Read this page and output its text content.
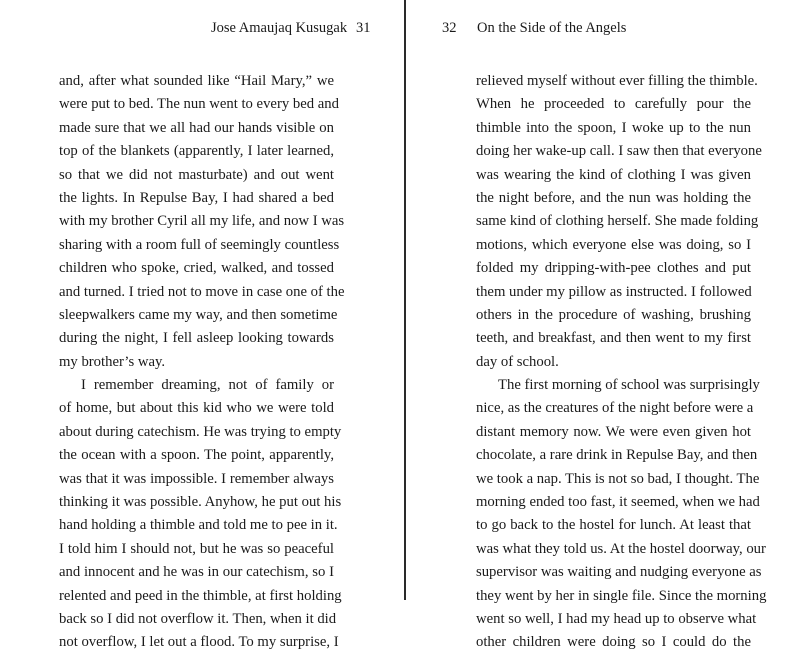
Jose Amaujaq Kusugak 31
and, after what sounded like “Hail Mary,” we
were put to bed. The nun went to every bed and
made sure that we all had our hands visible on
top of the blankets (apparently, I later learned,
so that we did not masturbate) and out went
the lights. In Repulse Bay, I had shared a bed
with my brother Cyril all my life, and now I was
sharing with a room full of seemingly countless
children who spoke, cried, walked, and tossed
and turned. I tried not to move in case one of the
sleepwalkers came my way, and then sometime
during the night, I fell asleep looking towards
my brother’s way.
I remember dreaming, not of family or
of home, but about this kid who we were told
about during catechism. He was trying to empty
the ocean with a spoon. The point, apparently,
was that it was impossible. I remember always
thinking it was possible. Anyhow, he put out his
hand holding a thimble and told me to pee in it.
I told him I should not, but he was so peaceful
and innocent and he was in our catechism, so I
relented and peed in the thimble, at first holding
back so I did not overflow it. Then, when it did
not overflow, I let out a flood. To my surprise, I
32 On the Side of the Angels
relieved myself without ever filling the thimble.
When he proceeded to carefully pour the
thimble into the spoon, I woke up to the nun
doing her wake-up call. I saw then that everyone
was wearing the kind of clothing I was given
the night before, and the nun was holding the
same kind of clothing herself. She made folding
motions, which everyone else was doing, so I
folded my dripping-with-pee clothes and put
them under my pillow as instructed. I followed
others in the procedure of washing, brushing
teeth, and breakfast, and then went to my first
day of school.
The first morning of school was surprisingly
nice, as the creatures of the night before were a
distant memory now. We were even given hot
chocolate, a rare drink in Repulse Bay, and then
we took a nap. This is not so bad, I thought. The
morning ended too fast, it seemed, when we had
to go back to the hostel for lunch. At least that
was what they told us. At the hostel doorway, our
supervisor was waiting and nudging everyone as
they went by her in single file. Since the morning
went so well, I had my head up to observe what
other children were doing so I could do the
